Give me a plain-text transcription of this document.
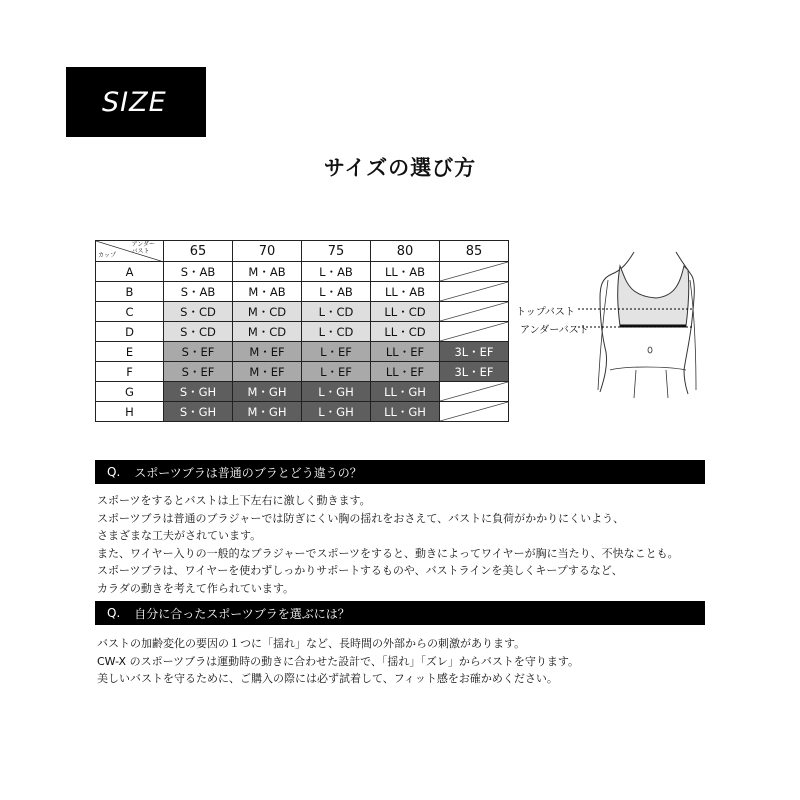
SIZE
サイズの選び方
アンダー
バスト
カップ	65	70	75	80	85
A	S・AB	M・AB	L・AB	LL・AB	

B	S・AB	M・AB	L・AB	LL・AB	

C	S・CD	M・CD	L・CD	LL・CD	

D	S・CD	M・CD	L・CD	LL・CD	

E	S・EF	M・EF	L・EF	LL・EF	3L・EF
F	S・EF	M・EF	L・EF	LL・EF	3L・EF
G	S・GH	M・GH	L・GH	LL・GH	

H	S・GH	M・GH	L・GH	LL・GH	
トップバスト
アンダーバスト
Q. スポーツブラは普通のブラとどう違うの？

スポーツをするとバストは上下左右に激しく動きます。

スポーツブラは普通のブラジャーでは防ぎにくい胸の揺れをおさえて、バストに負荷がかかりにくいよう、

さまざまな工夫がされています。

また、ワイヤー入りの一般的なブラジャーでスポーツをすると、動きによってワイヤーが胸に当たり、不快なことも。

スポーツブラは、ワイヤーを使わずしっかりサポートするものや、バストラインを美しくキープするなど、

カラダの動きを考えて作られています。

Q. 自分に合ったスポーツブラを選ぶには？

バストの加齢変化の要因の１つに「揺れ」など、長時間の外部からの刺激があります。

CW-X のスポーツブラは運動時の動きに合わせた設計で、「揺れ」「ズレ」からバストを守ります。

美しいバストを守るために、ご購入の際には必ず試着して、フィット感をお確かめください。
